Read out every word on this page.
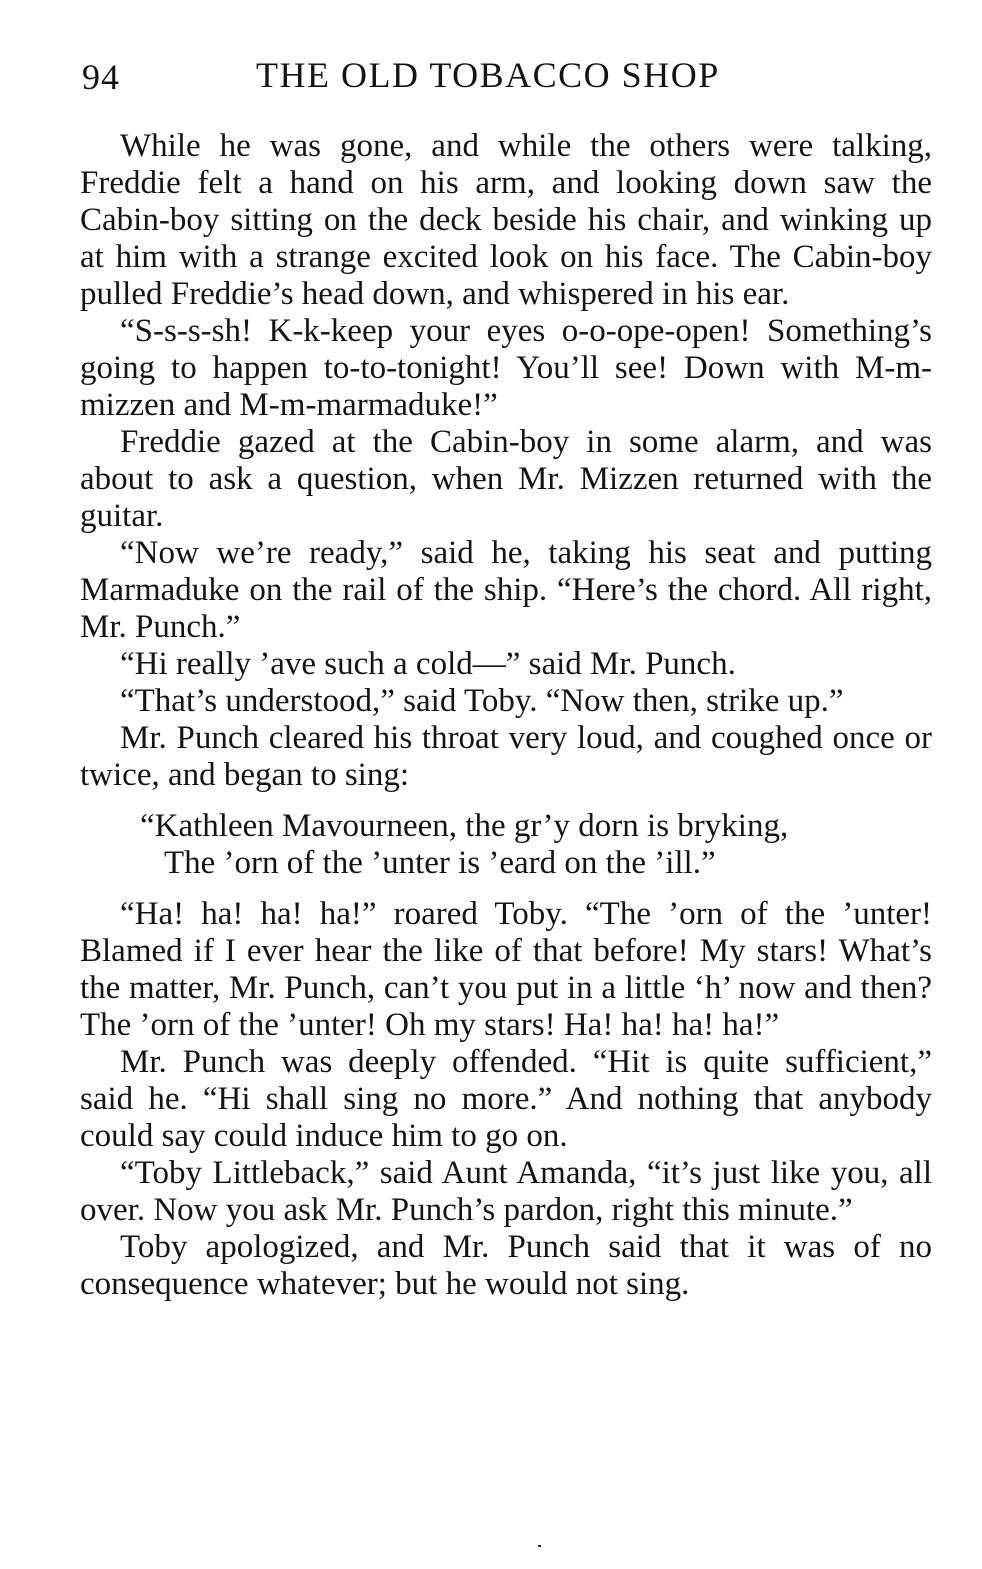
94	THE OLD TOBACCO SHOP

While he was gone, and while the others were talking, Freddie felt a hand on his arm, and looking down saw the Cabin-boy sitting on the deck beside his chair, and winking up at him with a strange excited look on his face. The Cabin-boy pulled Freddie’s head down, and whispered in his ear.

“S-s-s-sh! K-k-keep your eyes o-o-ope-open! Something’s going to happen to-to-tonight! You’ll see! Down with M-m-mizzen and M-m-marmaduke!”

Freddie gazed at the Cabin-boy in some alarm, and was about to ask a question, when Mr. Mizzen returned with the guitar.

“Now we’re ready,” said he, taking his seat and putting Marmaduke on the rail of the ship. “Here’s the chord. All right, Mr. Punch.”

“Hi really ’ave such a cold—” said Mr. Punch.

“That’s understood,” said Toby. “Now then, strike up.”

Mr. Punch cleared his throat very loud, and coughed once or twice, and began to sing:

“Kathleen Mavourneen, the gr’y dorn is bryking,
The ’orn of the ’unter is ’eard on the ’ill.”

“Ha! ha! ha! ha!” roared Toby. “The ’orn of the ’unter! Blamed if I ever hear the like of that before! My stars! What’s the matter, Mr. Punch, can’t you put in a little ‘h’ now and then? The ’orn of the ’unter! Oh my stars! Ha! ha! ha! ha!”

Mr. Punch was deeply offended. “Hit is quite sufficient,” said he. “Hi shall sing no more.” And nothing that anybody could say could induce him to go on.

“Toby Littleback,” said Aunt Amanda, “it’s just like you, all over. Now you ask Mr. Punch’s pardon, right this minute.”

Toby apologized, and Mr. Punch said that it was of no consequence whatever; but he would not sing.
